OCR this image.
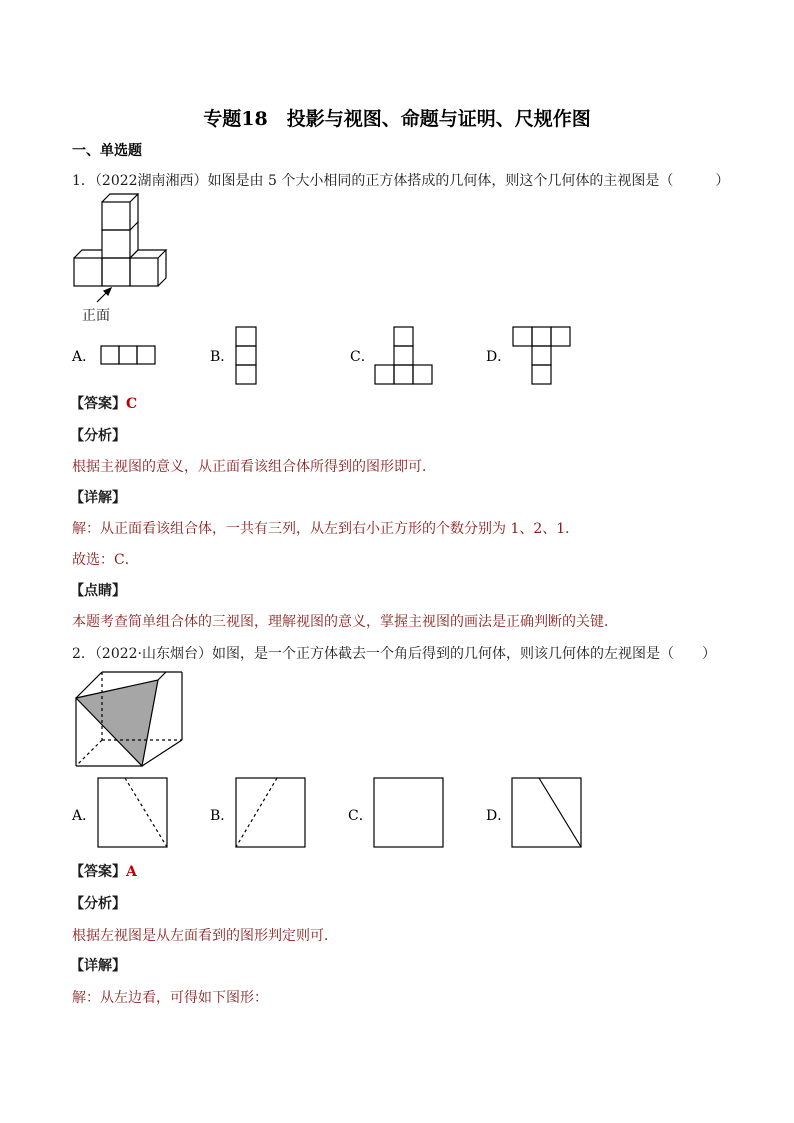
专题18　投影与视图、命题与证明、尺规作图
一、单选题
1．（2022湖南湘西）如图是由 5 个大小相同的正方体搭成的几何体，则这个几何体的主视图是（　　　）
正面
A．	B．	C．	D．
【答案】C
【分析】
根据主视图的意义，从正面看该组合体所得到的图形即可．
【详解】
解：从正面看该组合体，一共有三列，从左到右小正方形的个数分别为 1、2、1．
故选：C．
【点睛】
本题考查简单组合体的三视图，理解视图的意义，掌握主视图的画法是正确判断的关键．
2．（2022·山东烟台）如图，是一个正方体截去一个角后得到的几何体，则该几何体的左视图是（　　）
A．	B．	C．	D．
【答案】A
【分析】
根据左视图是从左面看到的图形判定则可．
【详解】
解：从左边看，可得如下图形：
